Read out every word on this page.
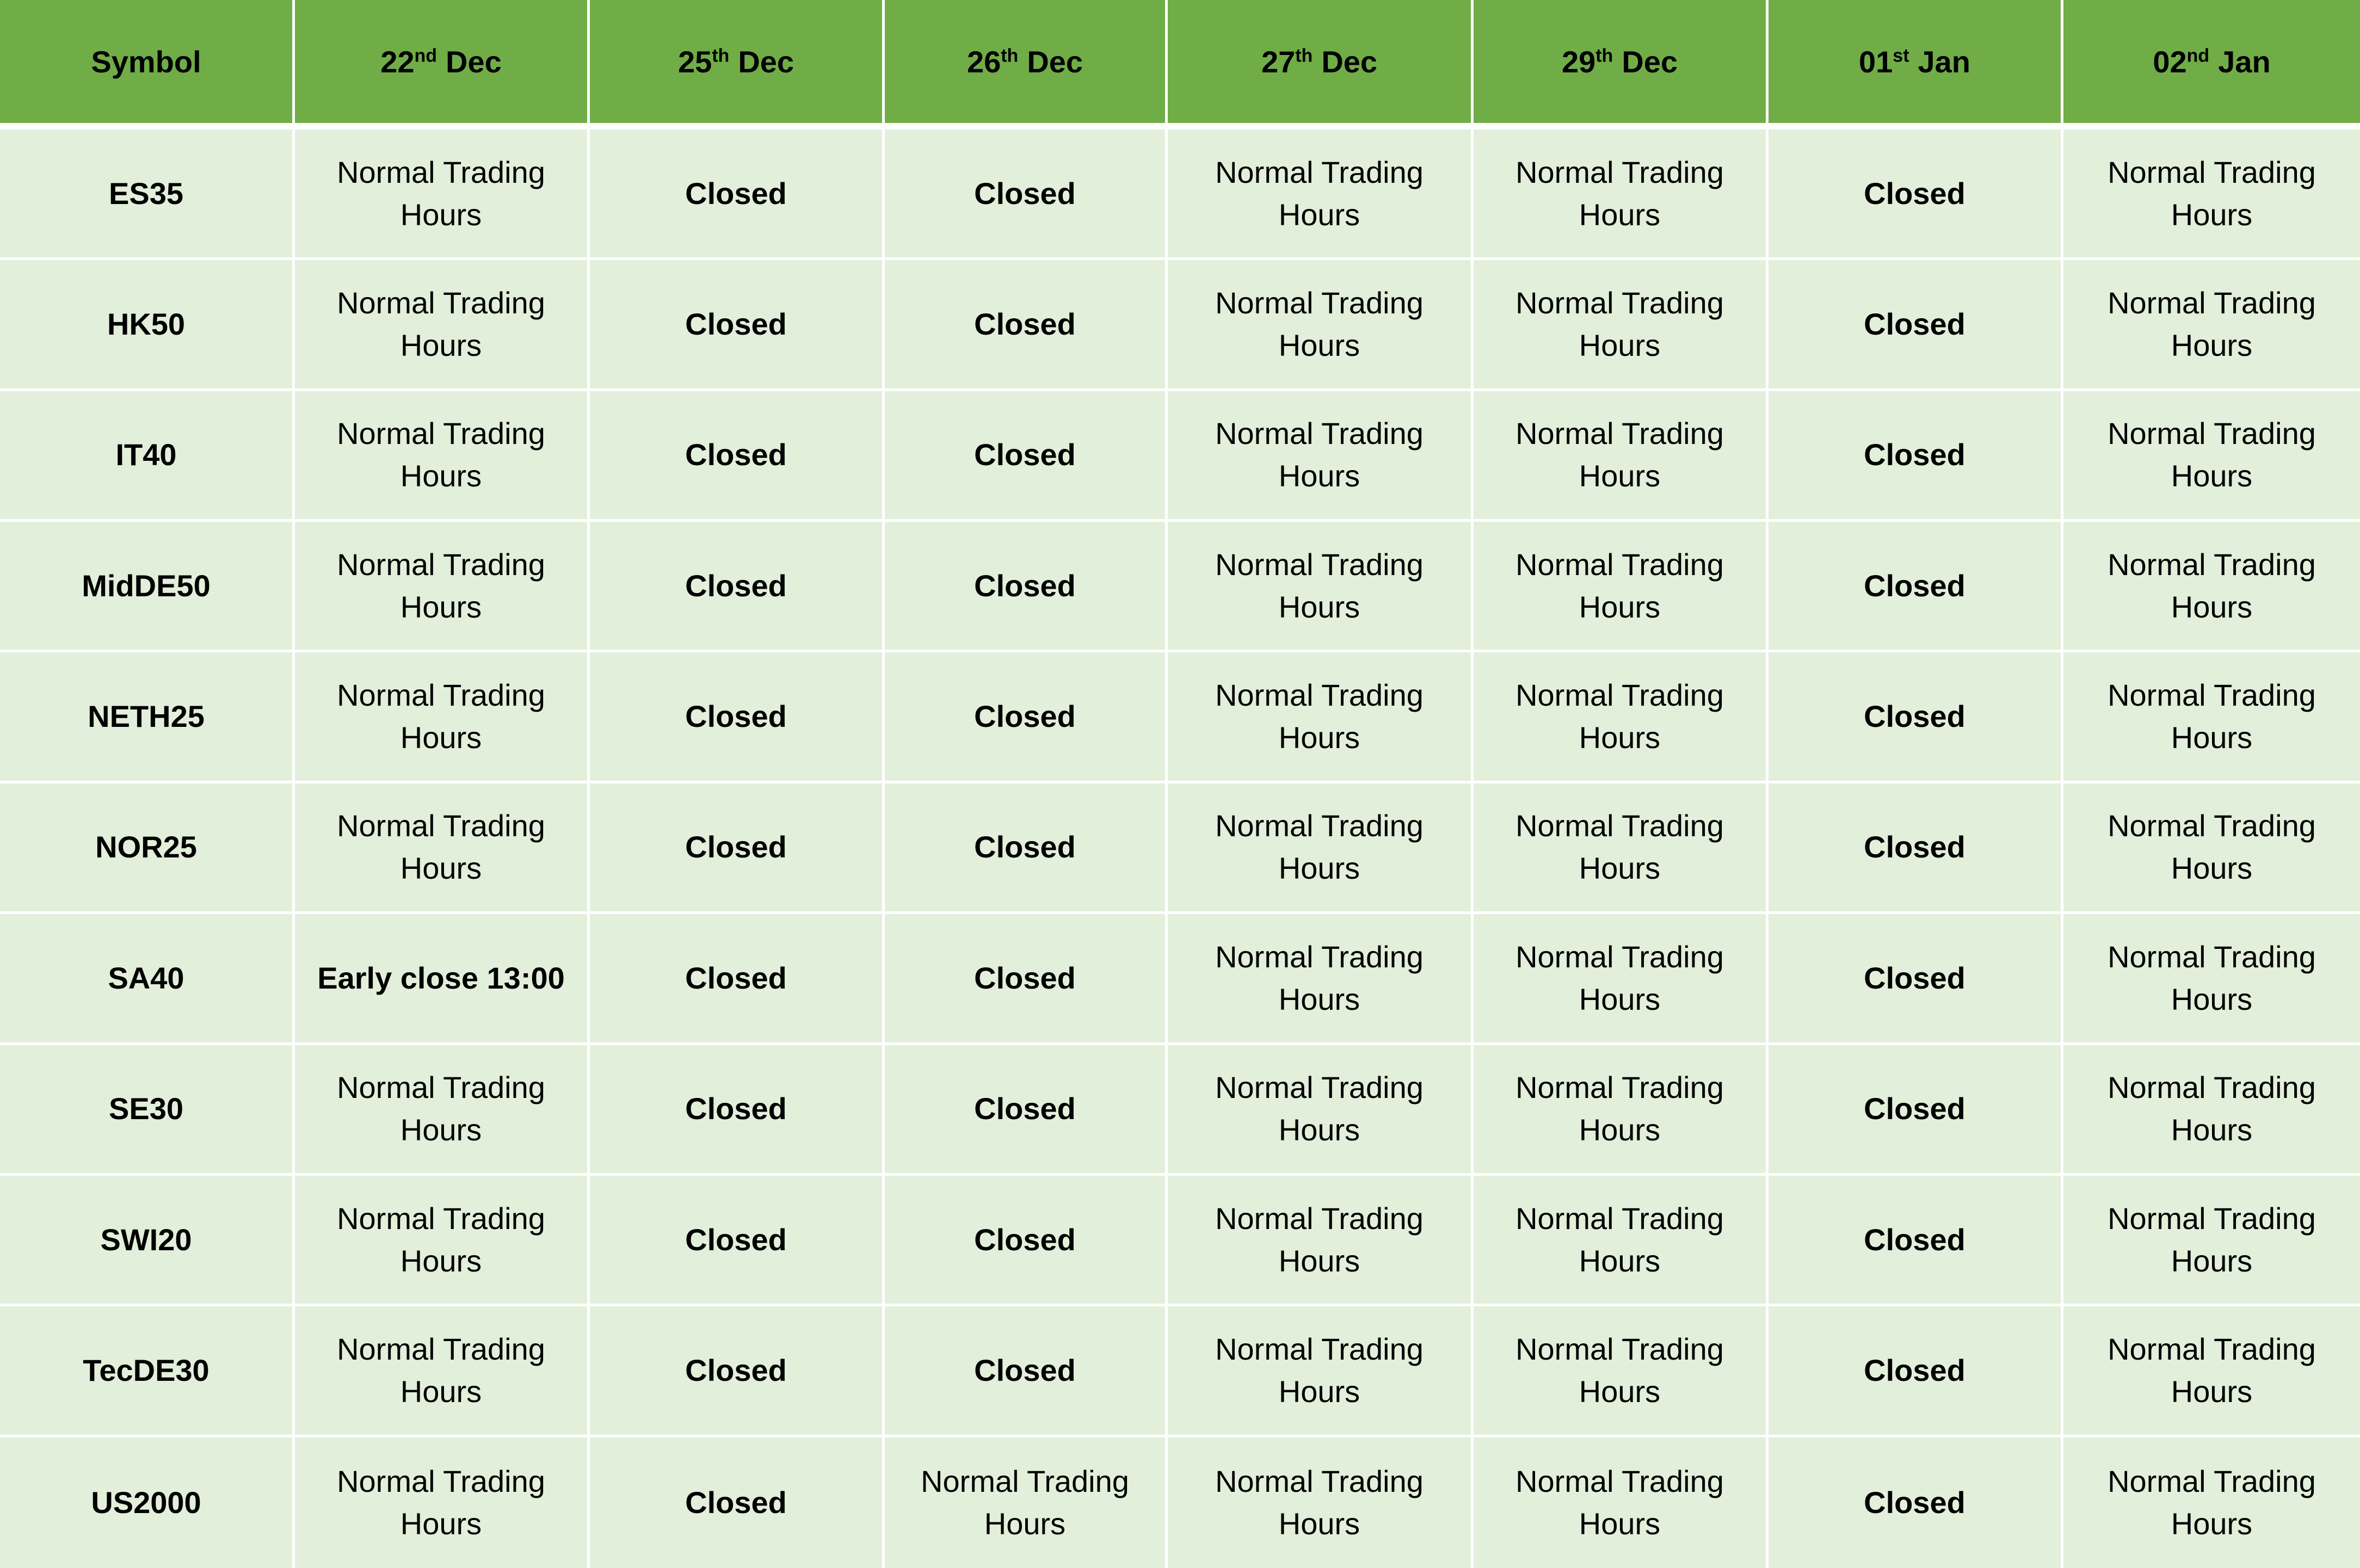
Symbol	22nd Dec	25th Dec	26th Dec	27th Dec	29th Dec	01st Jan	02nd Jan
ES35	Normal Trading
Hours	Closed	Closed	Normal Trading
Hours	Normal Trading
Hours	Closed	Normal Trading
Hours
HK50	Normal Trading
Hours	Closed	Closed	Normal Trading
Hours	Normal Trading
Hours	Closed	Normal Trading
Hours
IT40	Normal Trading
Hours	Closed	Closed	Normal Trading
Hours	Normal Trading
Hours	Closed	Normal Trading
Hours
MidDE50	Normal Trading
Hours	Closed	Closed	Normal Trading
Hours	Normal Trading
Hours	Closed	Normal Trading
Hours
NETH25	Normal Trading
Hours	Closed	Closed	Normal Trading
Hours	Normal Trading
Hours	Closed	Normal Trading
Hours
NOR25	Normal Trading
Hours	Closed	Closed	Normal Trading
Hours	Normal Trading
Hours	Closed	Normal Trading
Hours
SA40	Early close 13:00	Closed	Closed	Normal Trading
Hours	Normal Trading
Hours	Closed	Normal Trading
Hours
SE30	Normal Trading
Hours	Closed	Closed	Normal Trading
Hours	Normal Trading
Hours	Closed	Normal Trading
Hours
SWI20	Normal Trading
Hours	Closed	Closed	Normal Trading
Hours	Normal Trading
Hours	Closed	Normal Trading
Hours
TecDE30	Normal Trading
Hours	Closed	Closed	Normal Trading
Hours	Normal Trading
Hours	Closed	Normal Trading
Hours
US2000	Normal Trading
Hours	Closed	Normal Trading
Hours	Normal Trading
Hours	Normal Trading
Hours	Closed	Normal Trading
Hours
